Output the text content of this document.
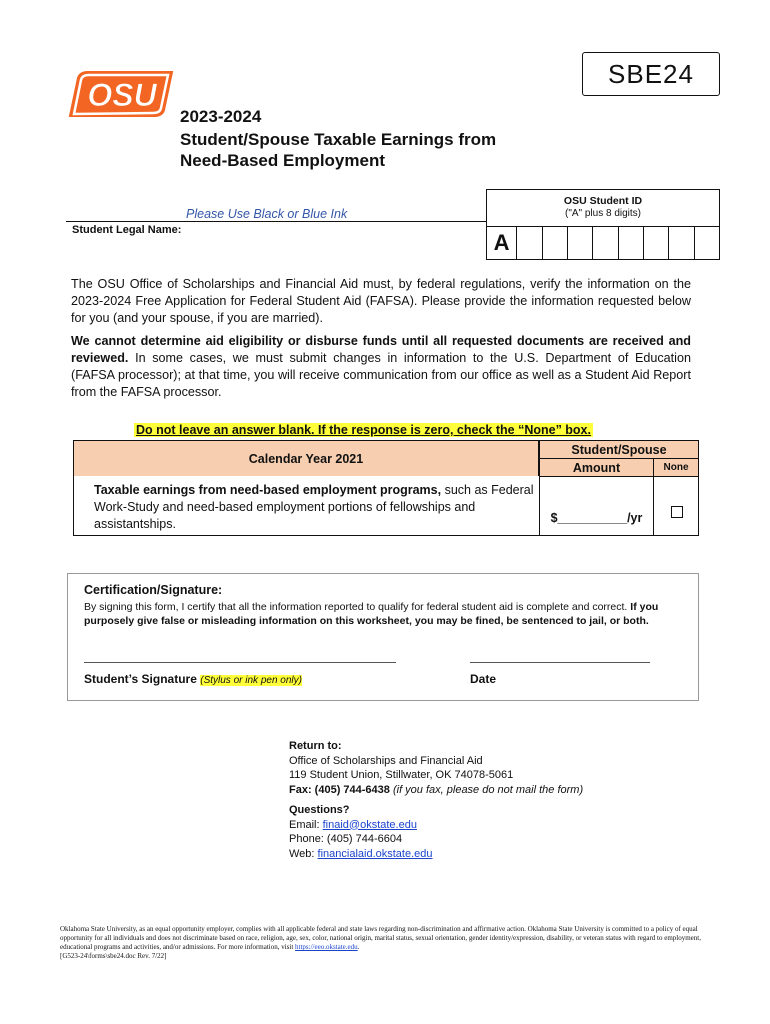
OSU
SBE24
2023-2024
Student/Spouse Taxable Earnings from
Need-Based Employment
Please Use Black or Blue Ink
Student Legal Name:
OSU Student ID
("A" plus 8 digits)
A
The OSU Office of Scholarships and Financial Aid must, by federal regulations, verify the information on the 2023-2024 Free Application for Federal Student Aid (FAFSA). Please provide the information requested below for you (and your spouse, if you are married).
We cannot determine aid eligibility or disburse funds until all requested documents are received and reviewed. In some cases, we must submit changes in information to the U.S. Department of Education (FAFSA processor); at that time, you will receive communication from our office as well as a Student Aid Report from the FAFSA processor.
Do not leave an answer blank. If the response is zero, check the “None” box.
Calendar Year 2021
Student/Spouse
Amount	None
Taxable earnings from need-based employment programs, such as Federal Work-Study and need-based employment portions of fellowships and assistantships.	$__________/yr
Certification/Signature:
By signing this form, I certify that all the information reported to qualify for federal student aid is complete and correct. If you purposely give false or misleading information on this worksheet, you may be fined, be sentenced to jail, or both.
Student’s Signature (Stylus or ink pen only)	Date
Return to:
Office of Scholarships and Financial Aid
119 Student Union, Stillwater, OK 74078-5061
Fax: (405) 744-6438 (if you fax, please do not mail the form)
Questions?
Email: finaid@okstate.edu
Phone: (405) 744-6604
Web: financialaid.okstate.edu
Oklahoma State University, as an equal opportunity employer, complies with all applicable federal and state laws regarding non-discrimination and affirmative action. Oklahoma State University is committed to a policy of equal opportunity for all individuals and does not discriminate based on race, religion, age, sex, color, national origin, marital status, sexual orientation, gender identity/expression, disability, or veteran status with regard to employment, educational programs and activities, and/or admissions. For more information, visit https://eeo.okstate.edu.
[G523-24\forms\sbe24.doc Rev. 7/22]
